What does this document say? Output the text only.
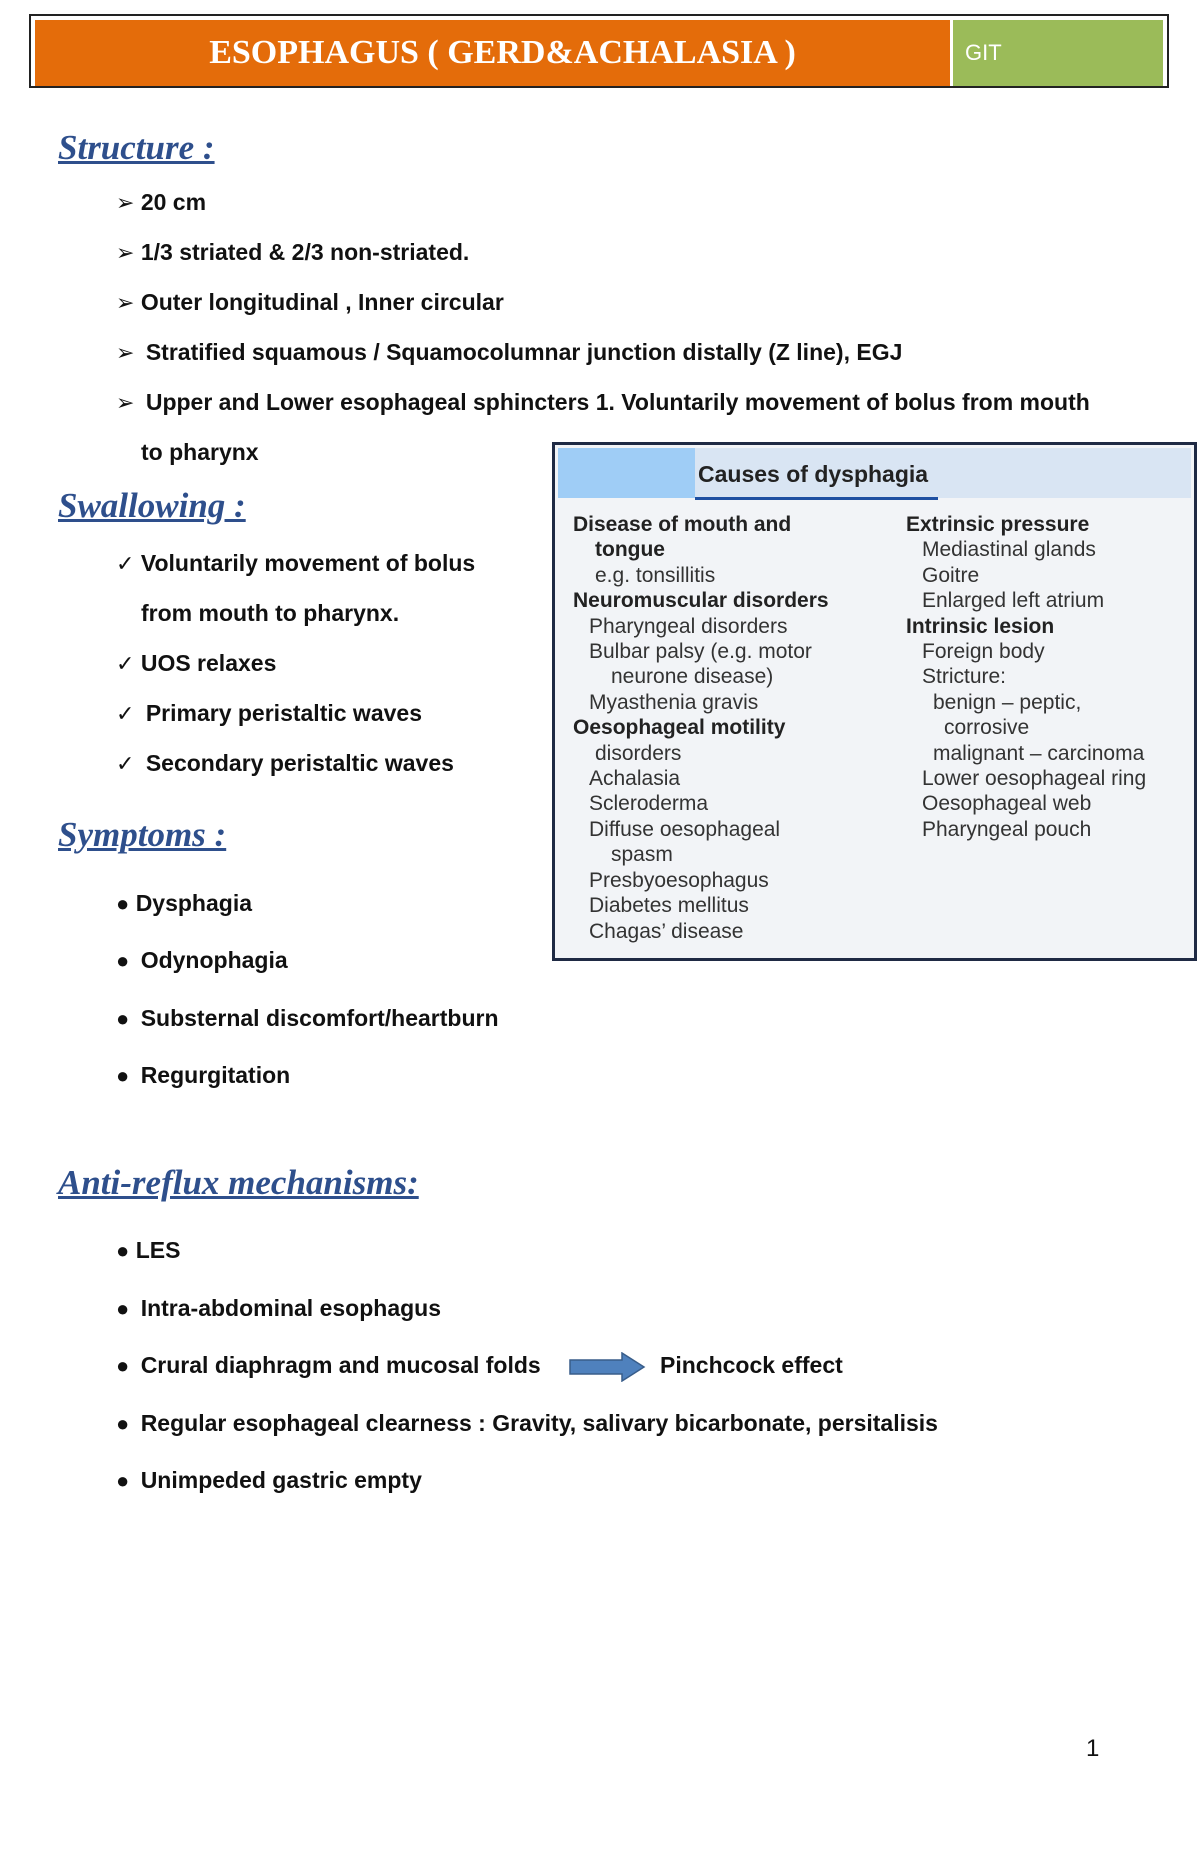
ESOPHAGUS ( GERD&ACHALASIA )	GIT
Structure :
➢ 20 cm
➢ 1/3 striated & 2/3 non-striated.
➢ Outer longitudinal , Inner circular
➢ Stratified squamous / Squamocolumnar junction distally (Z line), EGJ
➢ Upper and Lower esophageal sphincters 1. Voluntarily movement of bolus from mouth
to pharynx
Swallowing :
✓ Voluntarily movement of bolus
from mouth to pharynx.
✓ UOS relaxes
✓ Primary peristaltic waves
✓ Secondary peristaltic waves
Symptoms :
● Dysphagia
● Odynophagia
● Substernal discomfort/heartburn
● Regurgitation
Anti-reflux mechanisms:
● LES
● Intra-abdominal esophagus
● Crural diaphragm and mucosal folds	Pinchcock effect
● Regular esophageal clearness : Gravity, salivary bicarbonate, persitalisis
● Unimpeded gastric empty
Causes of dysphagia
Disease of mouth and
tongue
e.g. tonsillitis
Neuromuscular disorders
Pharyngeal disorders
Bulbar palsy (e.g. motor
neurone disease)
Myasthenia gravis
Oesophageal motility
disorders
Achalasia
Scleroderma
Diffuse oesophageal
spasm
Presbyoesophagus
Diabetes mellitus
Chagas’ disease
Extrinsic pressure
Mediastinal glands
Goitre
Enlarged left atrium
Intrinsic lesion
Foreign body
Stricture:
benign – peptic,
corrosive
malignant – carcinoma
Lower oesophageal ring
Oesophageal web
Pharyngeal pouch
1
